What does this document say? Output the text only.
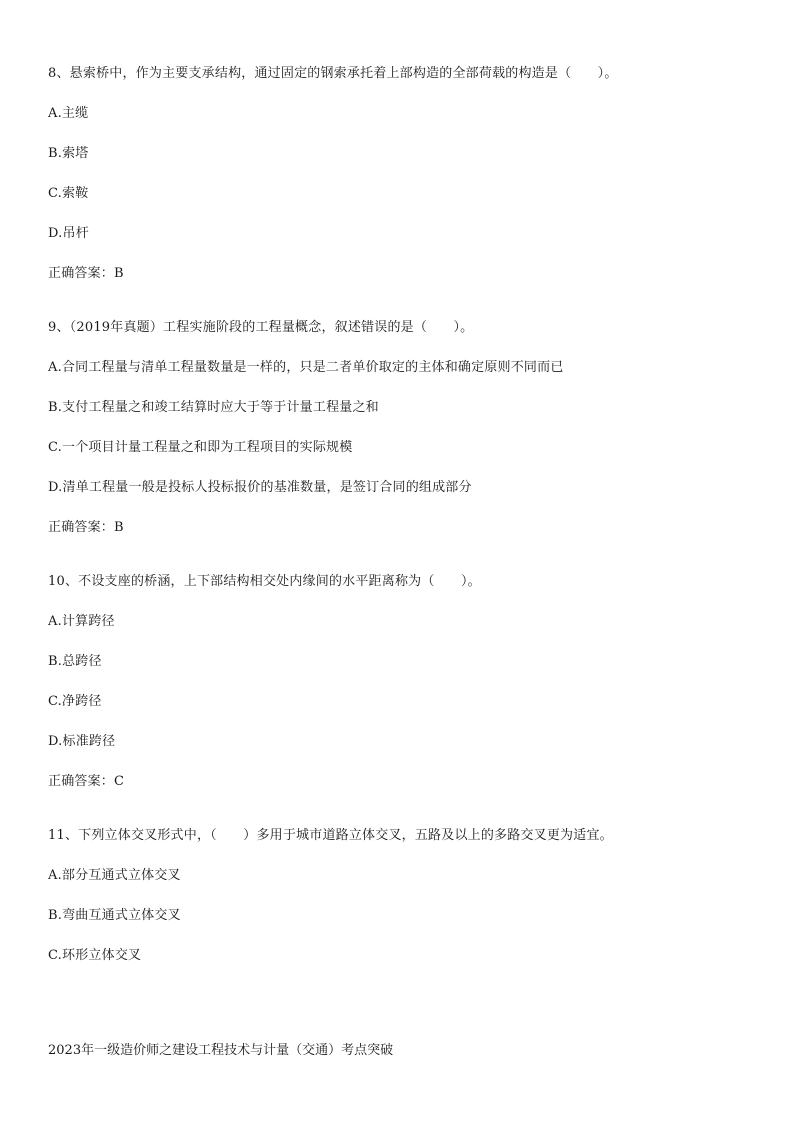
8、悬索桥中，作为主要支承结构，通过固定的钢索承托着上部构造的全部荷载的构造是（　　）。
A.主缆
B.索塔
C.索鞍
D.吊杆
正确答案：B
9、（2019年真题）工程实施阶段的工程量概念，叙述错误的是（　　）。
A.合同工程量与清单工程量数量是一样的，只是二者单价取定的主体和确定原则不同而已
B.支付工程量之和竣工结算时应大于等于计量工程量之和
C.一个项目计量工程量之和即为工程项目的实际规模
D.清单工程量一般是投标人投标报价的基准数量，是签订合同的组成部分
正确答案：B
10、不设支座的桥涵，上下部结构相交处内缘间的水平距离称为（　　）。
A.计算跨径
B.总跨径
C.净跨径
D.标准跨径
正确答案：C
11、下列立体交叉形式中，（　　）多用于城市道路立体交叉，五路及以上的多路交叉更为适宜。
A.部分互通式立体交叉
B.弯曲互通式立体交叉
C.环形立体交叉
2023年一级造价师之建设工程技术与计量（交通）考点突破
